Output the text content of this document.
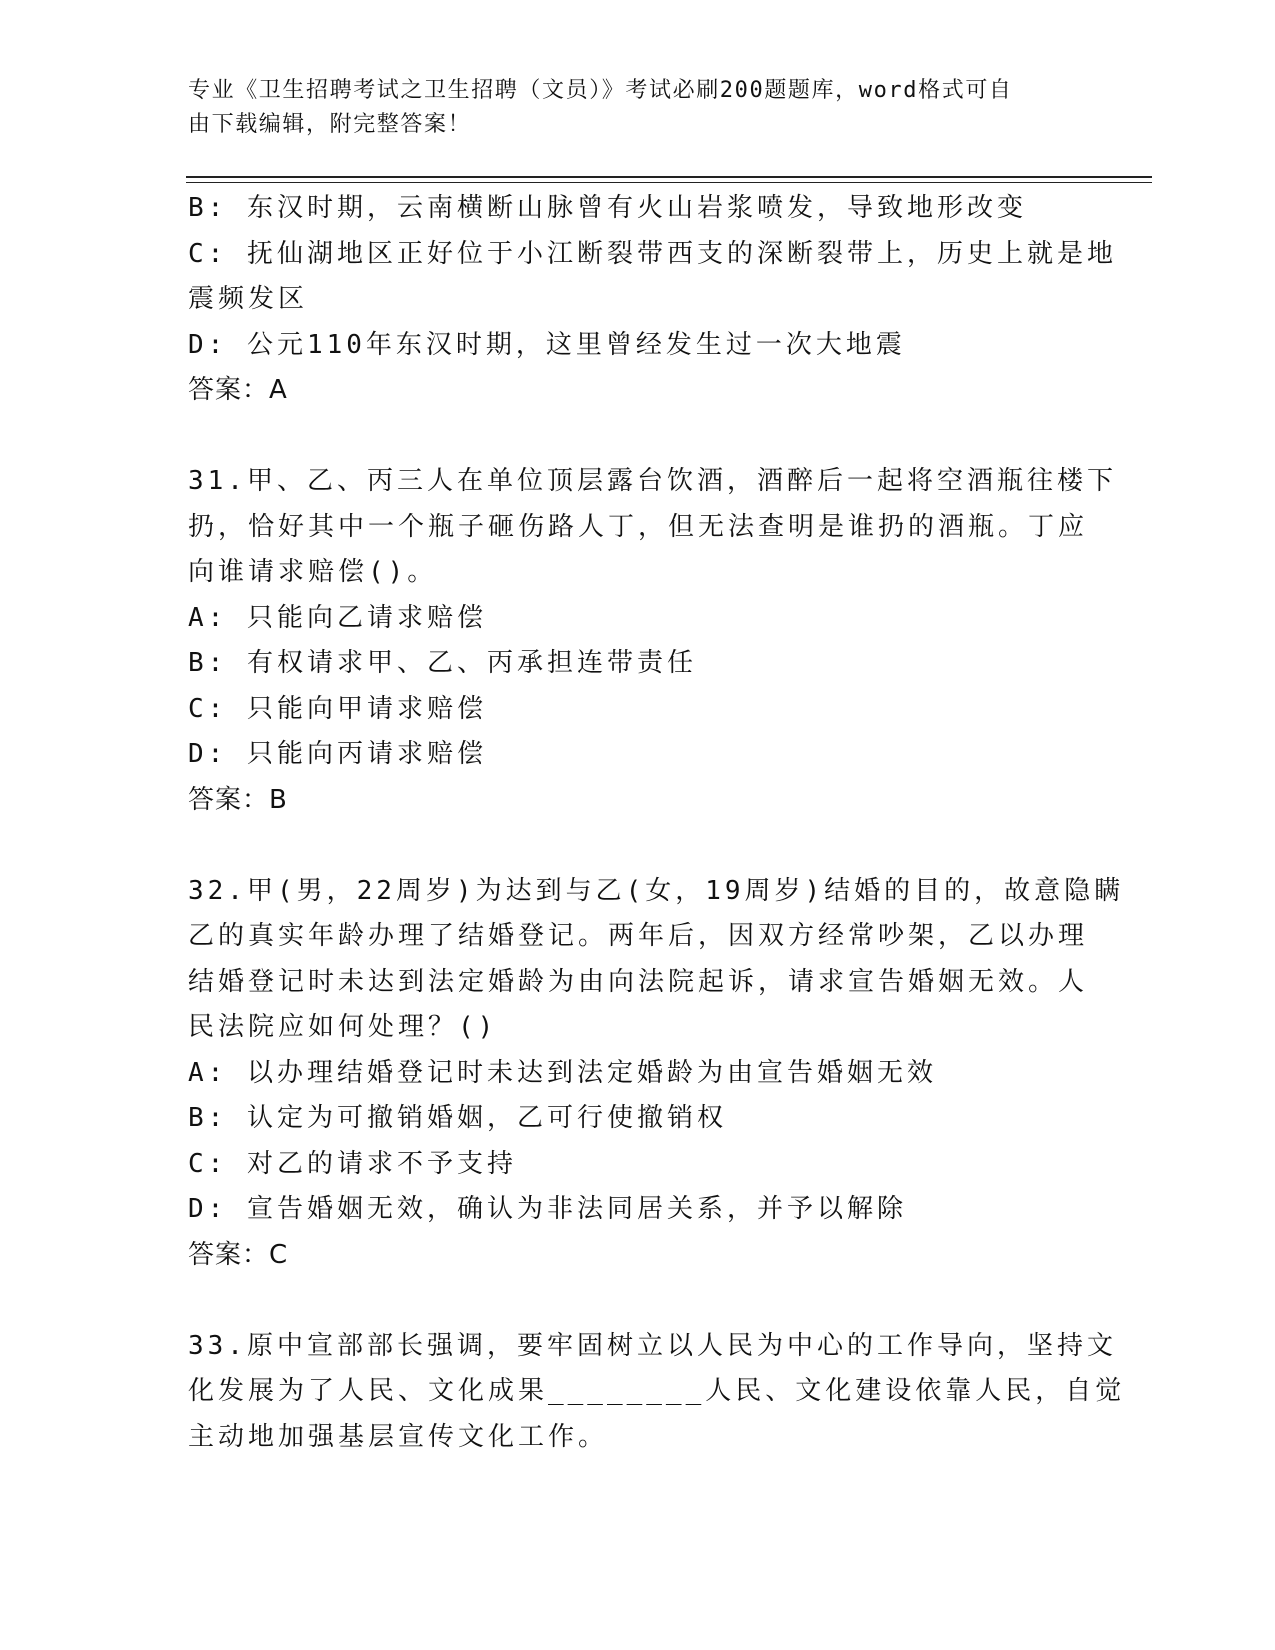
专业《卫生招聘考试之卫生招聘（文员）》考试必刷200题题库，word格式可自
由下载编辑，附完整答案！
B: 东汉时期，云南横断山脉曾有火山岩浆喷发，导致地形改变
C: 抚仙湖地区正好位于小江断裂带西支的深断裂带上，历史上就是地
震频发区
D: 公元110年东汉时期，这里曾经发生过一次大地震
答案：A
31.甲、乙、丙三人在单位顶层露台饮酒，酒醉后一起将空酒瓶往楼下
扔，恰好其中一个瓶子砸伤路人丁，但无法查明是谁扔的酒瓶。丁应
向谁请求赔偿()。
A: 只能向乙请求赔偿
B: 有权请求甲、乙、丙承担连带责任
C: 只能向甲请求赔偿
D: 只能向丙请求赔偿
答案：B
32.甲(男，22周岁)为达到与乙(女，19周岁)结婚的目的，故意隐瞒
乙的真实年龄办理了结婚登记。两年后，因双方经常吵架，乙以办理
结婚登记时未达到法定婚龄为由向法院起诉，请求宣告婚姻无效。人
民法院应如何处理？()
A: 以办理结婚登记时未达到法定婚龄为由宣告婚姻无效
B: 认定为可撤销婚姻，乙可行使撤销权
C: 对乙的请求不予支持
D: 宣告婚姻无效，确认为非法同居关系，并予以解除
答案：C
33.原中宣部部长强调，要牢固树立以人民为中心的工作导向，坚持文
化发展为了人民、文化成果________人民、文化建设依靠人民，自觉
主动地加强基层宣传文化工作。
